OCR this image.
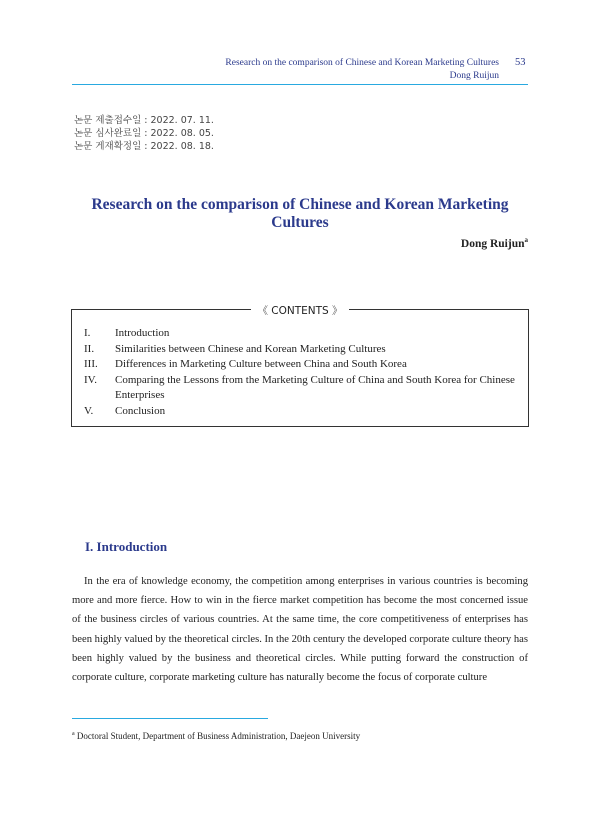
Research on the comparison of Chinese and Korean Marketing Cultures
Dong Ruijun
53
논문 제출접수일 : 2022. 07. 11.
논문 심사완료일 : 2022. 08. 05.
논문 게재확정일 : 2022. 08. 18.
Research on the comparison of Chinese and Korean Marketing Cultures
Dong Ruijun$^a$
《 CONTENTS 》
I.	Introduction
II.	Similarities between Chinese and Korean Marketing Cultures
III.	Differences in Marketing Culture between China and South Korea
IV.	Comparing the Lessons from the Marketing Culture of China and South Korea for Chinese Enterprises
V.	Conclusion
I. Introduction
In the era of knowledge economy, the competition among enterprises in various countries is becoming more and more fierce. How to win in the fierce market competition has become the most concerned issue of the business circles of various countries. At the same time, the core competitiveness of enterprises has been highly valued by the theoretical circles. In the 20th century the developed corporate culture theory has been highly valued by the business and theoretical circles. While putting forward the construction of corporate culture, corporate marketing culture has naturally become the focus of corporate culture
$^a$ Doctoral Student, Department of Business Administration, Daejeon University
